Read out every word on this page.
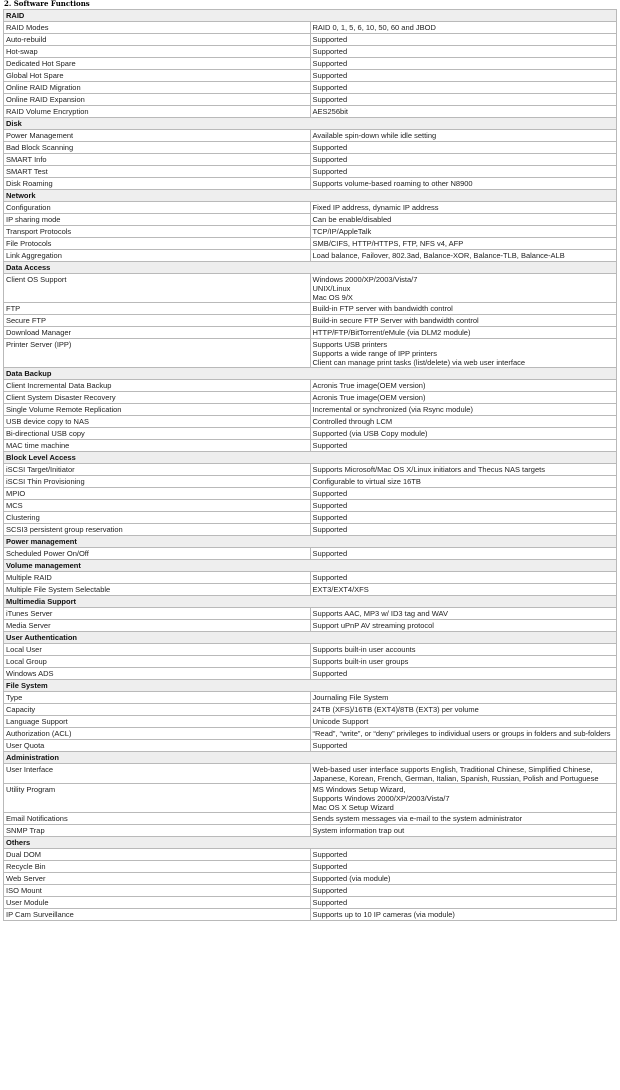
2. Software Functions
RAID	
RAID Modes	RAID 0, 1, 5, 6, 10, 50, 60 and JBOD
Auto-rebuild	Supported
Hot-swap	Supported
Dedicated Hot Spare	Supported
Global Hot Spare	Supported
Online RAID Migration	Supported
Online RAID Expansion	Supported
RAID Volume Encryption	AES256bit
Disk	
Power Management	Available spin-down while idle setting
Bad Block Scanning	Supported
SMART Info	Supported
SMART Test	Supported
Disk Roaming	Supports volume-based roaming to other N8900
Network	
Configuration	Fixed IP address, dynamic IP address
IP sharing mode	Can be enable/disabled
Transport Protocols	TCP/IP/AppleTalk
File Protocols	SMB/CIFS, HTTP/HTTPS, FTP, NFS v4, AFP
Link Aggregation	Load balance, Failover, 802.3ad, Balance-XOR, Balance-TLB, Balance-ALB
Data Access	
Client OS Support	Windows 2000/XP/2003/Vista/7
UNIX/Linux
Mac OS 9/X
FTP	Build-in FTP server with bandwidth control
Secure FTP	Build-in secure FTP Server with bandwidth control
Download Manager	HTTP/FTP/BitTorrent/eMule (via DLM2 module)
Printer Server (IPP)	Supports USB printers
Supports a wide range of IPP printers
Client can manage print tasks (list/delete) via web user interface
Data Backup	
Client Incremental Data Backup	Acronis True image(OEM version)
Client System Disaster Recovery	Acronis True image(OEM version)
Single Volume Remote Replication	Incremental or synchronized (via Rsync module)
USB device copy to NAS	Controlled through LCM
Bi-directional USB copy	Supported (via USB Copy module)
MAC time machine	Supported
Block Level Access	
iSCSI Target/Initiator	Supports Microsoft/Mac OS X/Linux initiators and Thecus NAS targets
iSCSI Thin Provisioning	Configurable to virtual size 16TB
MPIO	Supported
MCS	Supported
Clustering	Supported
SCSI3 persistent group reservation	Supported
Power management	
Scheduled Power On/Off	Supported
Volume management	
Multiple RAID	Supported
Multiple File System Selectable	EXT3/EXT4/XFS
Multimedia Support	
iTunes Server	Supports AAC, MP3 w/ ID3 tag and WAV
Media Server	Support uPnP AV streaming protocol
User Authentication	
Local User	Supports built-in user accounts
Local Group	Supports built-in user groups
Windows ADS	Supported
File System	
Type	Journaling File System
Capacity	24TB (XFS)/16TB (EXT4)/8TB (EXT3) per volume
Language Support	Unicode Support
Authorization (ACL)	“Read”, “write”, or “deny” privileges to individual users or groups in folders and sub-folders
User Quota	Supported
Administration	
User Interface	Web-based user interface supports English, Traditional Chinese, Simplified Chinese, Japanese, Korean, French, German, Italian, Spanish, Russian, Polish and Portuguese
Utility Program	MS Windows Setup Wizard,
Supports Windows 2000/XP/2003/Vista/7
Mac OS X Setup Wizard
Email Notifications	Sends system messages via e-mail to the system administrator
SNMP Trap	System information trap out
Others	
Dual DOM	Supported
Recycle Bin	Supported
Web Server	Supported (via module)
ISO Mount	Supported
User Module	Supported
IP Cam Surveillance	Supports up to 10 IP cameras (via module)
